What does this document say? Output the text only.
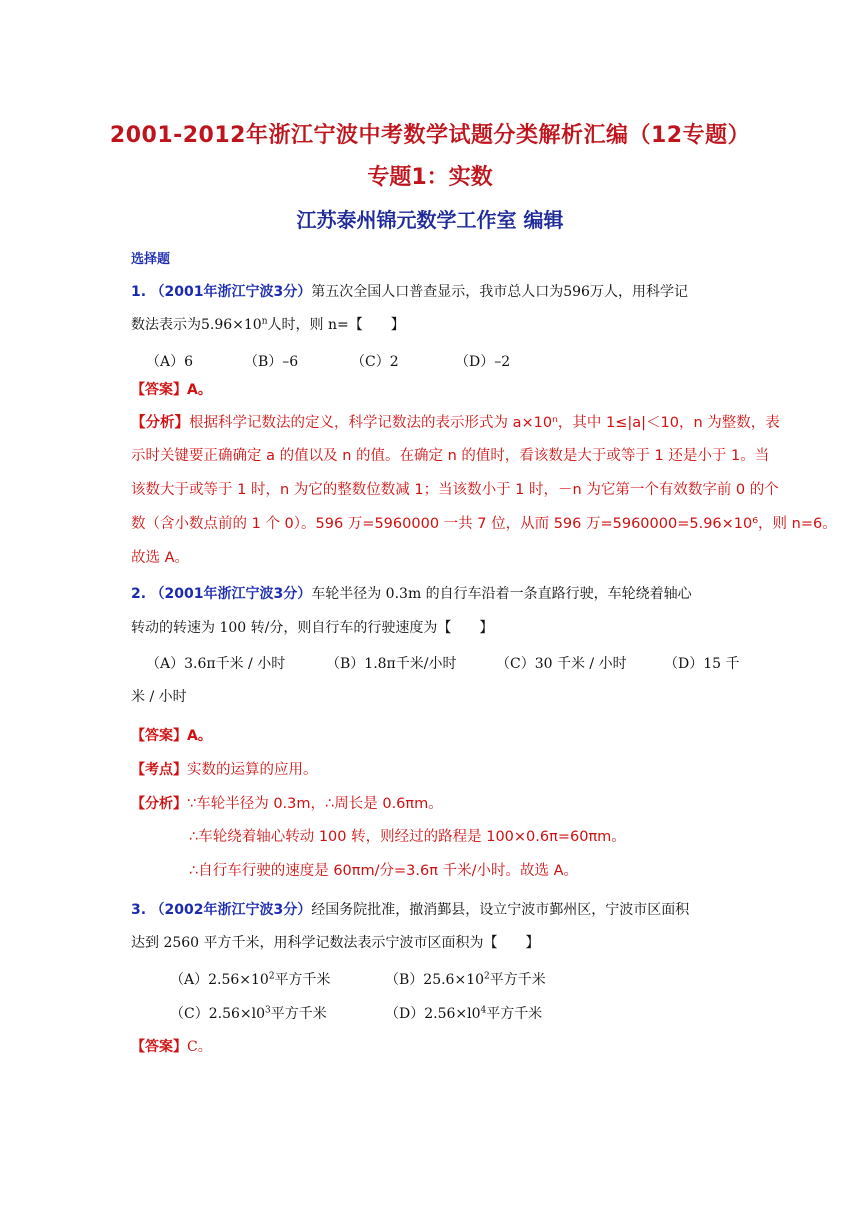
2001-2012年浙江宁波中考数学试题分类解析汇编（12专题）
专题1：实数
江苏泰州锦元数学工作室 编辑
选择题
1. （2001年浙江宁波3分）第五次全国人口普查显示，我市总人口为596万人，用科学记
数法表示为$5.96\times 10^n$人时，则 n=【　　】
（A）6	（B）–6	（C）2	（D）–2
【答案】A。
【分析】根据科学记数法的定义，科学记数法的表示形式为 a×10ⁿ，其中 1≤|a|＜10，n 为整数，表
示时关键要正确确定 a 的值以及 n 的值。在确定 n 的值时，看该数是大于或等于 1 还是小于 1。当
该数大于或等于 1 时，n 为它的整数位数减 1；当该数小于 1 时，－n 为它第一个有效数字前 0 的个
数（含小数点前的 1 个 0）。596 万=5960000 一共 7 位，从而 596 万=5960000=5.96×10⁶，则 n=6。
故选 A。
2. （2001年浙江宁波3分）车轮半径为 0.3m 的自行车沿着一条直路行驶，车轮绕着轴心
转动的转速为 100 转/分，则自行车的行驶速度为【　　】
（A）3.6π千米 / 小时	（B）1.8π千米/小时	（C）30 千米 / 小时	（D）15 千
米 / 小时
【答案】A。
【考点】实数的运算的应用。
【分析】∵车轮半径为 0.3m，∴周长是 0.6πm。
∴车轮绕着轴心转动 100 转，则经过的路程是 100×0.6π=60πm。
∴自行车行驶的速度是 60πm/分=3.6π 千米/小时。故选 A。
3. （2002年浙江宁波3分）经国务院批准，撤消鄞县，设立宁波市鄞州区，宁波市区面积
达到 2560 平方千米，用科学记数法表示宁波市区面积为【　　】
$(A)2.56\times 10^2$平方千米	$(B)25.6\times 10^2$平方千米
$(C)2.56\times l0^3$平方千米	$(D)2.56\times l0^4$平方千米
【答案】C。
